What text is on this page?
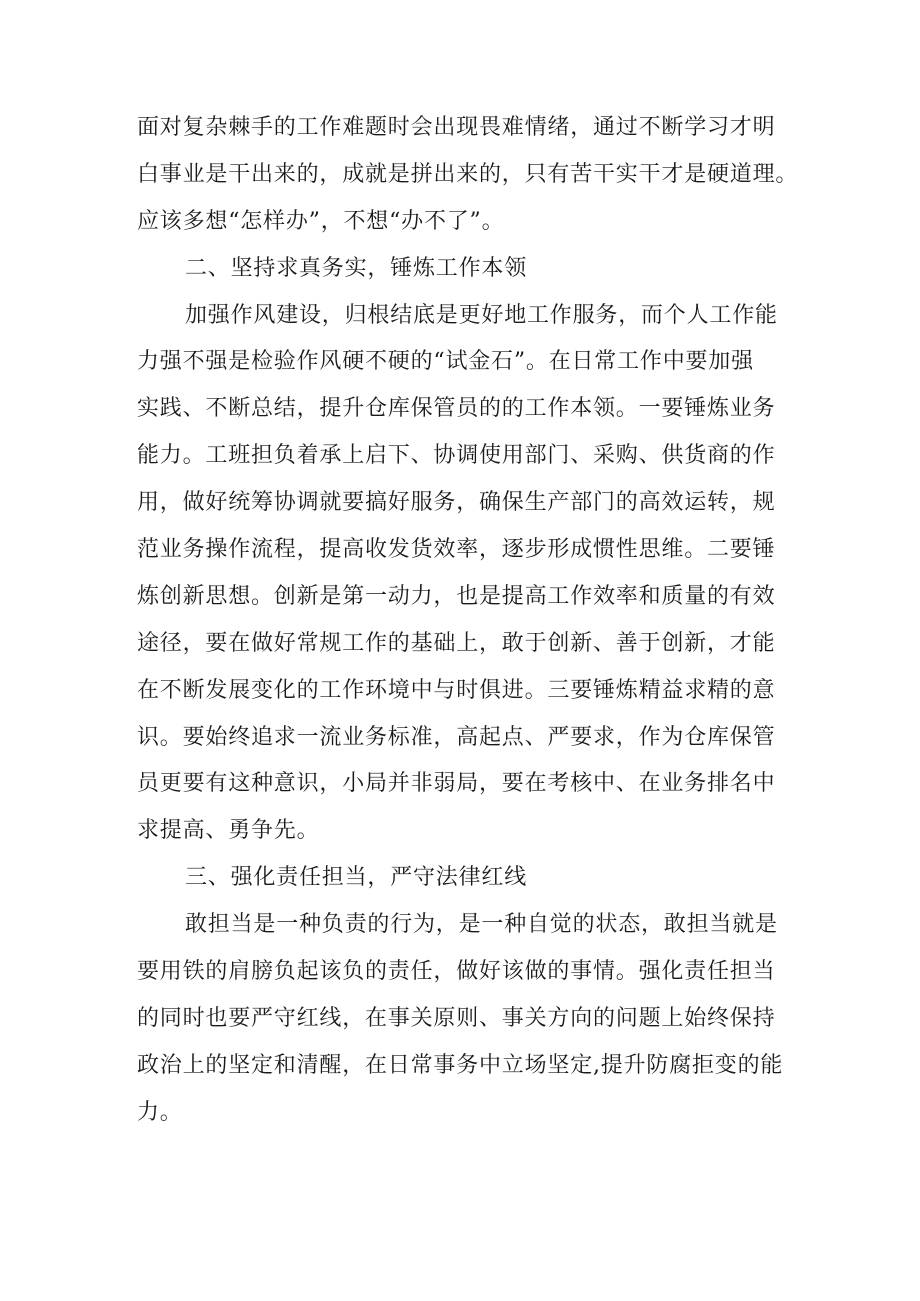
面对复杂棘手的工作难题时会出现畏难情绪，通过不断学习才明
白事业是干出来的，成就是拼出来的，只有苦干实干才是硬道理。
应该多想“怎样办”，不想“办不了”。
二、坚持求真务实，锤炼工作本领
加强作风建设，归根结底是更好地工作服务，而个人工作能
力强不强是检验作风硬不硬的“试金石”。在日常工作中要加强
实践、不断总结，提升仓库保管员的的工作本领。一要锤炼业务
能力。工班担负着承上启下、协调使用部门、采购、供货商的作
用，做好统筹协调就要搞好服务，确保生产部门的高效运转，规
范业务操作流程，提高收发货效率，逐步形成惯性思维。二要锤
炼创新思想。创新是第一动力，也是提高工作效率和质量的有效
途径，要在做好常规工作的基础上，敢于创新、善于创新，才能
在不断发展变化的工作环境中与时俱进。三要锤炼精益求精的意
识。要始终追求一流业务标准，高起点、严要求，作为仓库保管
员更要有这种意识，小局并非弱局，要在考核中、在业务排名中
求提高、勇争先。
三、强化责任担当，严守法律红线
敢担当是一种负责的行为，是一种自觉的状态，敢担当就是
要用铁的肩膀负起该负的责任，做好该做的事情。强化责任担当
的同时也要严守红线，在事关原则、事关方向的问题上始终保持
政治上的坚定和清醒，在日常事务中立场坚定,提升防腐拒变的能
力。
